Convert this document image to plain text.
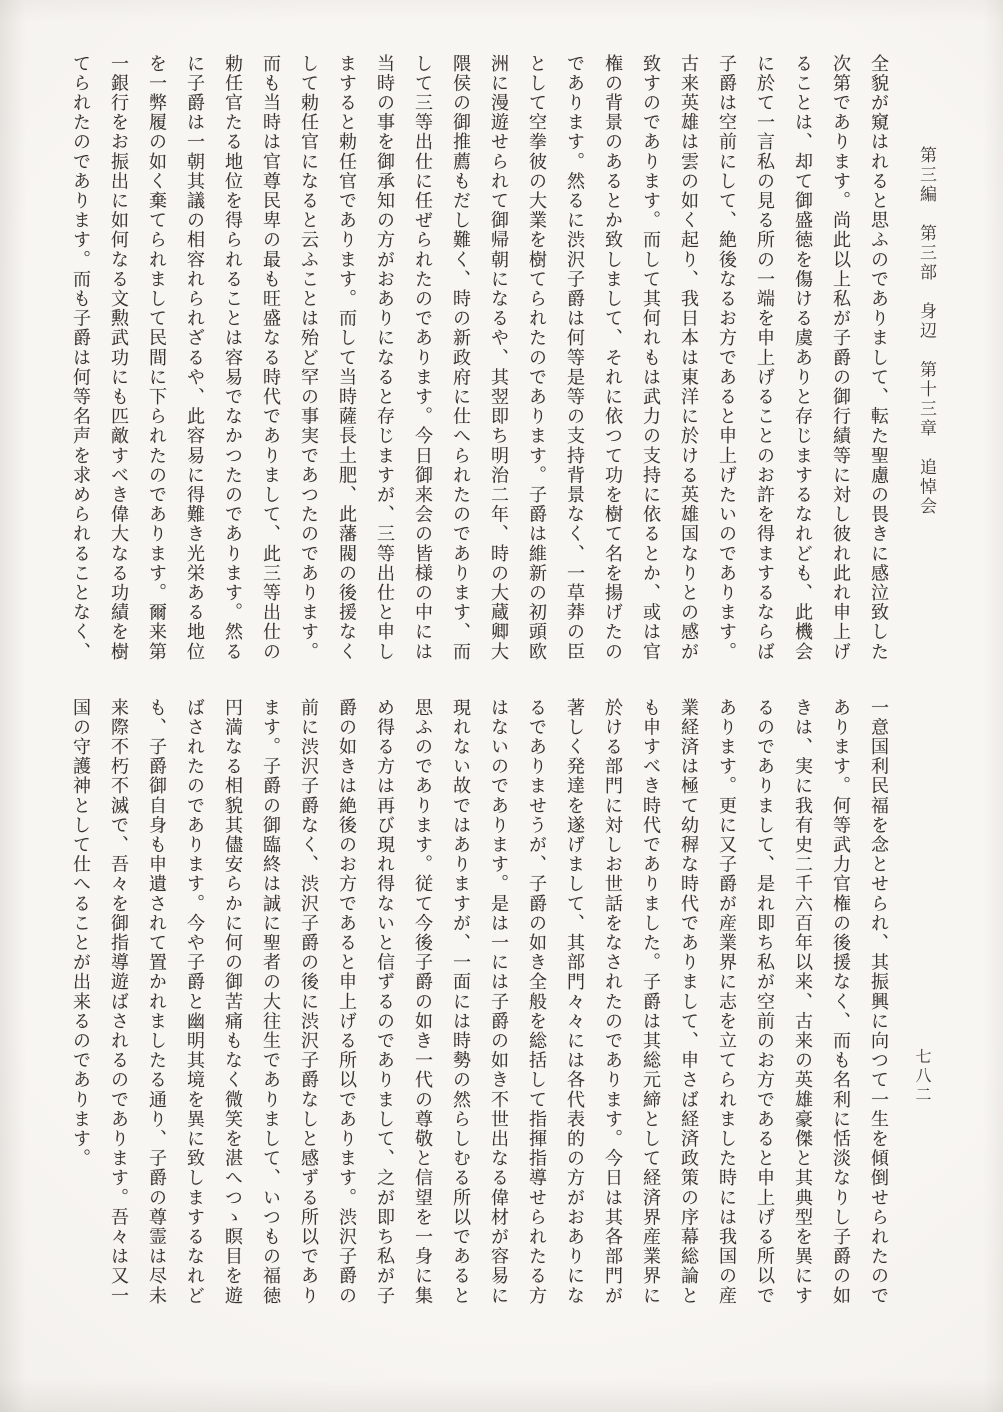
第三編　第三部　身辺　第十三章　追悼会
七八二
全貌が窺はれると思ふのでありまして、転た聖慮の畏きに感泣致した
次第であります。尚此以上私が子爵の御行績等に対し彼れ此れ申上げ
ることは、却て御盛徳を傷ける虞ありと存じまするなれども、此機会
に於て一言私の見る所の一端を申上げることのお許を得まするならば
子爵は空前にして、絶後なるお方であると申上げたいのであります。
古来英雄は雲の如く起り、我日本は東洋に於ける英雄国なりとの感が
致すのであります。而して其何れもは武力の支持に依るとか、或は官
権の背景のあるとか致しまして、それに依つて功を樹て名を揚げたの
であります。然るに渋沢子爵は何等是等の支持背景なく、一草莽の臣
として空拳彼の大業を樹てられたのであります。子爵は維新の初頭欧
洲に漫遊せられて御帰朝になるや、其翌即ち明治二年、時の大蔵卿大
隈侯の御推薦もだし難く、時の新政府に仕へられたのであります、而
して三等出仕に任ぜられたのであります。今日御来会の皆様の中には
当時の事を御承知の方がおありになると存じますが、三等出仕と申し
ますると勅任官であります。而して当時薩長土肥、此藩閥の後援なく
して勅任官になると云ふことは殆ど罕の事実であつたのであります。
而も当時は官尊民卑の最も旺盛なる時代でありまして、此三等出仕の
勅任官たる地位を得られることは容易でなかつたのであります。然る
に子爵は一朝其議の相容れられざるや、此容易に得難き光栄ある地位
を一弊履の如く棄てられまして民間に下られたのであります。爾来第
一銀行をお振出に如何なる文勲武功にも匹敵すべき偉大なる功績を樹
てられたのであります。而も子爵は何等名声を求められることなく、
一意国利民福を念とせられ、其振興に向つて一生を傾倒せられたので
あります。何等武力官権の後援なく、而も名利に恬淡なりし子爵の如
きは、実に我有史二千六百年以来、古来の英雄豪傑と其典型を異にす
るのでありまして、是れ即ち私が空前のお方であると申上げる所以で
あります。更に又子爵が産業界に志を立てられました時には我国の産
業経済は極て幼稺な時代でありまして、申さば経済政策の序幕総論と
も申すべき時代でありました。子爵は其総元締として経済界産業界に
於ける部門に対しお世話をなされたのであります。今日は其各部門が
著しく発達を遂げまして、其部門々々には各代表的の方がおありにな
るでありませうが、子爵の如き全般を総括して指揮指導せられたる方
はないのであります。是は一には子爵の如き不世出なる偉材が容易に
現れない故ではありますが、一面には時勢の然らしむる所以であると
思ふのであります。従て今後子爵の如き一代の尊敬と信望を一身に集
め得る方は再び現れ得ないと信ずるのでありまして、之が即ち私が子
爵の如きは絶後のお方であると申上げる所以であります。渋沢子爵の
前に渋沢子爵なく、渋沢子爵の後に渋沢子爵なしと感ずる所以であり
ます。子爵の御臨終は誠に聖者の大往生でありまして、いつもの福徳
円満なる相貌其儘安らかに何の御苦痛もなく微笑を湛へつゝ瞑目を遊
ばされたのであります。今や子爵と幽明其境を異に致しまするなれど
も、子爵御自身も申遺されて置かれましたる通り、子爵の尊霊は尽未
来際不朽不滅で、吾々を御指導遊ばされるのであります。吾々は又一
国の守護神として仕へることが出来るのであります。
